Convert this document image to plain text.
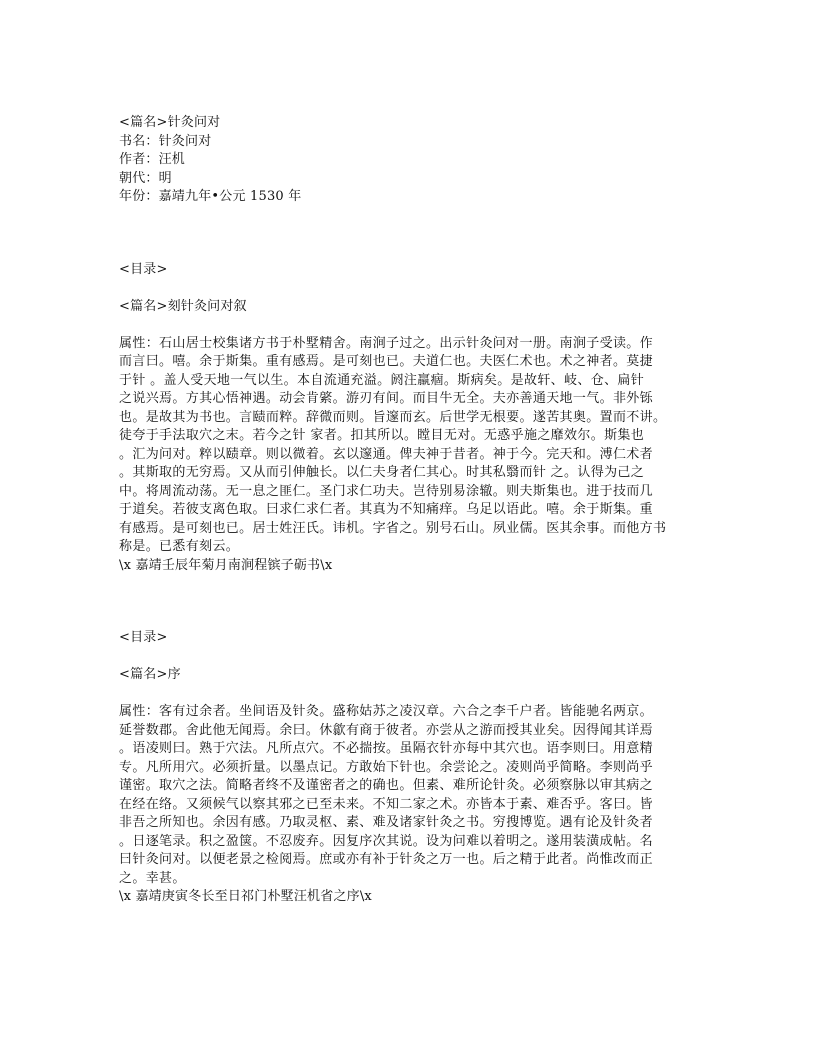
<篇名>针灸问对
书名：针灸问对
作者：汪机
朝代：明
年份：嘉靖九年•公元 1530 年
<目录>
<篇名>刻针灸问对叙
属性：石山居士校集诸方书于朴墅精舍。南涧子过之。出示针灸问对一册。南涧子受读。作
而言曰。嘻。余于斯集。重有感焉。是可刻也已。夫道仁也。夫医仁术也。术之神者。莫捷
于针 。盖人受天地一气以生。本自流通充溢。阏注羸痼。斯病矣。是故轩、岐、仓、扁针
之说兴焉。方其心悟神遇。动会肯綮。游刃有间。而目牛无全。夫亦善通天地一气。非外铄
也。是故其为书也。言赜而粹。辞微而则。旨邃而玄。后世学无根要。遂苦其奥。置而不讲。
徒夸于手法取穴之末。若今之针 家者。扣其所以。瞠目无对。无惑乎施之靡效尔。斯集也
。汇为问对。粹以赜章。则以微着。玄以邃通。俾夫神于昔者。神于今。完天和。溥仁术者
。其斯取的无穷焉。又从而引伸触长。以仁夫身者仁其心。时其私翳而针 之。认得为己之
中。将周流动荡。无一息之匪仁。圣门求仁功夫。岂待别易涂辙。则夫斯集也。进于技而几
于道矣。若彼支离色取。曰求仁求仁者。其真为不知痛痒。乌足以语此。嘻。余于斯集。重
有感焉。是可刻也已。居士姓汪氏。讳机。字省之。别号石山。夙业儒。医其余事。而他方书
称是。已悉有刻云。
\x 嘉靖壬辰年菊月南涧程镔子砺书\x
<目录>
<篇名>序
属性：客有过余者。坐间语及针灸。盛称姑苏之凌汉章。六合之李千户者。皆能驰名两京。
延誉数郡。舍此他无闻焉。余曰。休歙有商于彼者。亦尝从之游而授其业矣。因得闻其详焉
。语凌则曰。熟于穴法。凡所点穴。不必揣按。虽隔衣针亦每中其穴也。语李则曰。用意精
专。凡所用穴。必须折量。以墨点记。方敢始下针也。余尝论之。凌则尚乎简略。李则尚乎
谨密。取穴之法。简略者终不及谨密者之的确也。但素、难所论针灸。必须察脉以审其病之
在经在络。又须候气以察其邪之已至未来。不知二家之术。亦皆本于素、难否乎。客曰。皆
非吾之所知也。余因有感。乃取灵枢、素、难及诸家针灸之书。穷搜博览。遇有论及针灸者
。日逐笔录。积之盈箧。不忍废弃。因复序次其说。设为问难以着明之。遂用装潢成帖。名
曰针灸问对。以便老景之检阅焉。庶或亦有补于针灸之万一也。后之精于此者。尚惟改而正
之。幸甚。
\x 嘉靖庚寅冬长至日祁门朴墅汪机省之序\x
